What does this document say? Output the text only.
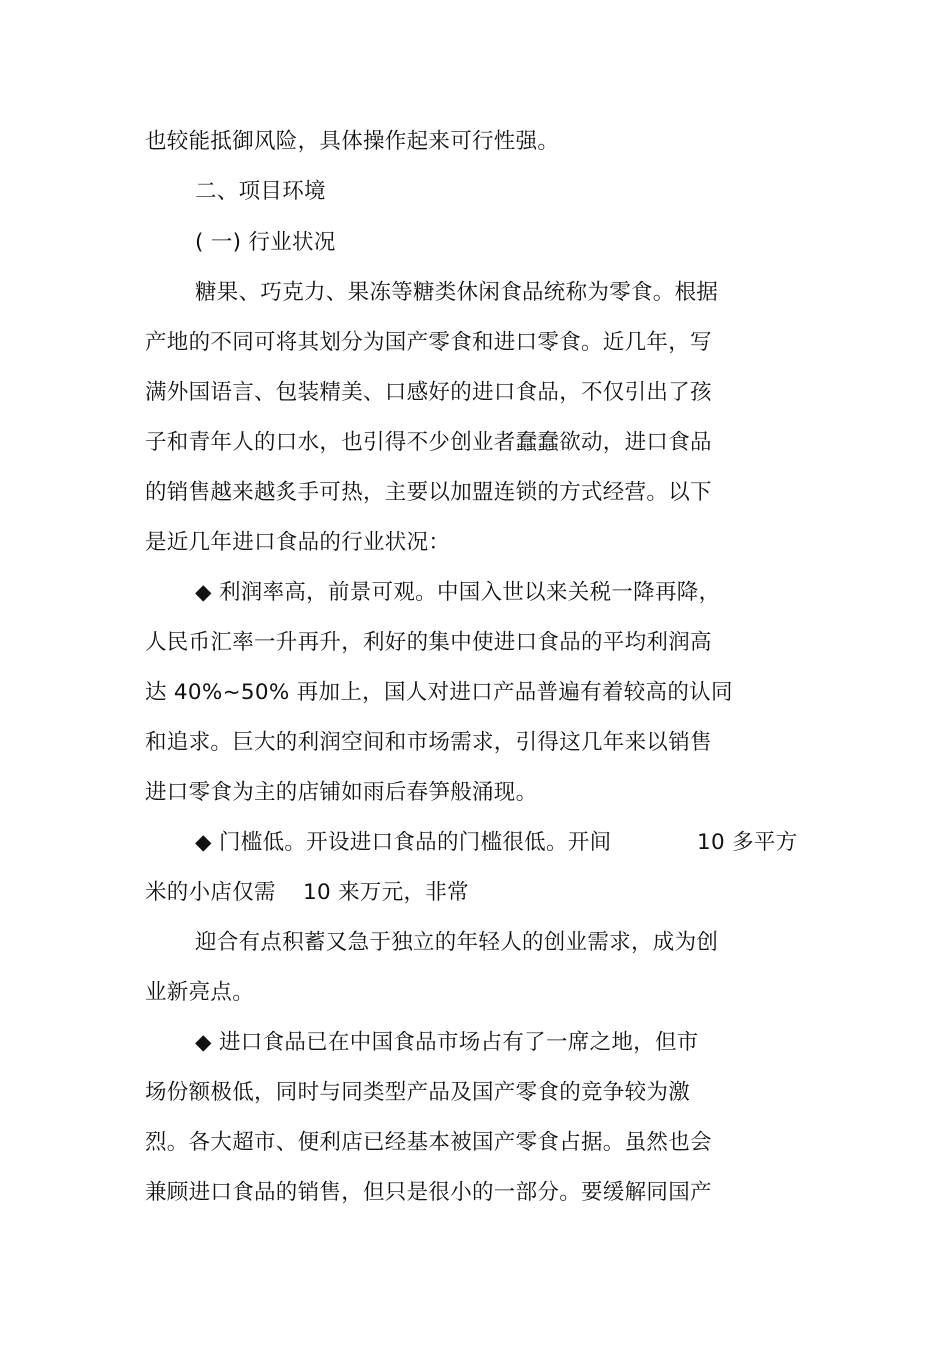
也较能抵御风险，具体操作起来可行性强。
二、项目环境
( 一) 行业状况
糖果、巧克力、果冻等糖类休闲食品统称为零食。根据
产地的不同可将其划分为国产零食和进口零食。近几年，写
满外国语言、包装精美、口感好的进口食品，不仅引出了孩
子和青年人的口水，也引得不少创业者蠢蠢欲动，进口食品
的销售越来越炙手可热，主要以加盟连锁的方式经营。以下
是近几年进口食品的行业状况：
◆ 利润率高，前景可观。中国入世以来关税一降再降，
人民币汇率一升再升，利好的集中使进口食品的平均利润高
达 40%~50% 再加上，国人对进口产品普遍有着较高的认同
和追求。巨大的利润空间和市场需求，引得这几年来以销售
进口零食为主的店铺如雨后春笋般涌现。
◆ 门槛低。开设进口食品的门槛很低。开间	10 多平方
米的小店仅需 10 来万元，非常
迎合有点积蓄又急于独立的年轻人的创业需求，成为创
业新亮点。
◆ 进口食品已在中国食品市场占有了一席之地，但市
场份额极低，同时与同类型产品及国产零食的竞争较为激
烈。各大超市、便利店已经基本被国产零食占据。虽然也会
兼顾进口食品的销售，但只是很小的一部分。要缓解同国产
